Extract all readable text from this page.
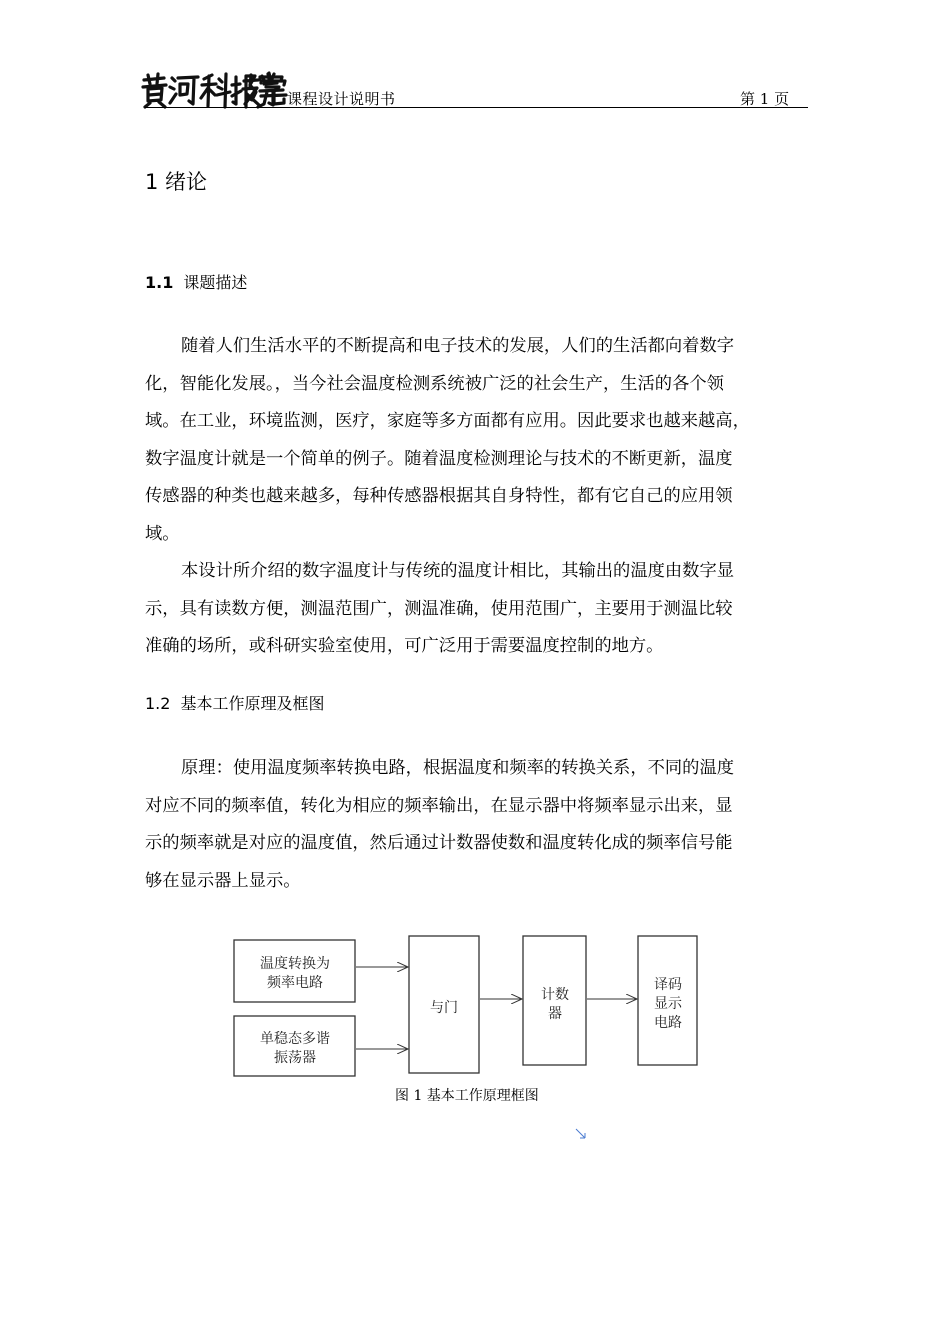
课程设计说明书	第 1 页
1 绪论
1.1 课题描述
随着人们生活水平的不断提高和电子技术的发展，人们的生活都向着数字
化，智能化发展。，当今社会温度检测系统被广泛的社会生产，生活的各个领
域。在工业，环境监测，医疗，家庭等多方面都有应用。因此要求也越来越高，
数字温度计就是一个简单的例子。随着温度检测理论与技术的不断更新，温度
传感器的种类也越来越多，每种传感器根据其自身特性，都有它自己的应用领
域。
本设计所介绍的数字温度计与传统的温度计相比，其输出的温度由数字显
示，具有读数方便，测温范围广，测温准确，使用范围广，主要用于测温比较
准确的场所，或科研实验室使用，可广泛用于需要温度控制的地方。
1.2 基本工作原理及框图
原理：使用温度频率转换电路，根据温度和频率的转换关系，不同的温度
对应不同的频率值，转化为相应的频率输出，在显示器中将频率显示出来，显
示的频率就是对应的温度值，然后通过计数器使数和温度转化成的频率信号能
够在显示器上显示。
温度转换为
频率电路
单稳态多谐
振荡器
与门
计数
器
译码
显示
电路
图 1 基本工作原理框图
